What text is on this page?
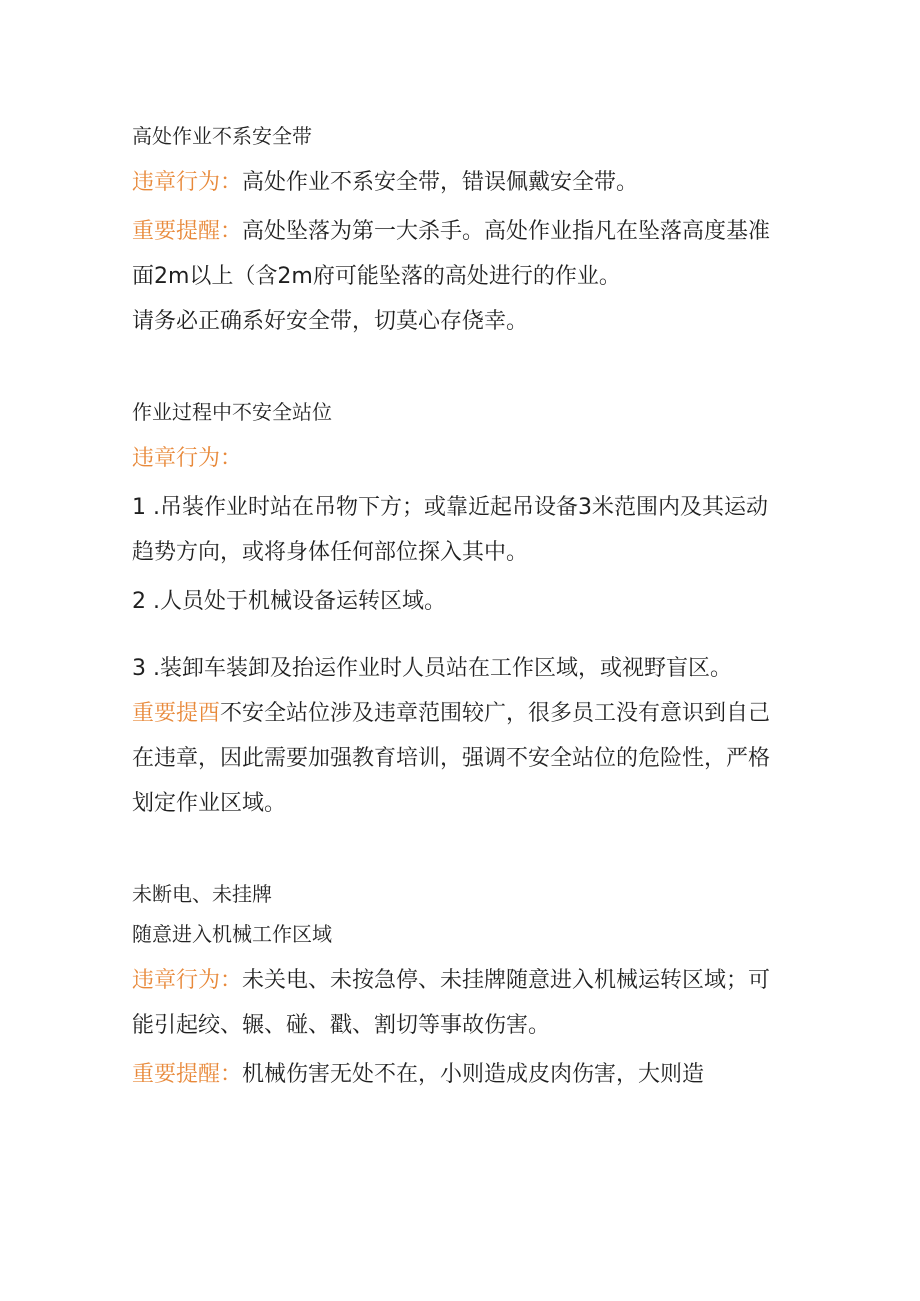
高处作业不系安全带

违章行为：高处作业不系安全带，错误佩戴安全带。

重要提醒：高处坠落为第一大杀手。高处作业指凡在坠落高度基准面2m以上（含2m府可能坠落的高处进行的作业。

请务必正确系好安全带，切莫心存侥幸。

作业过程中不安全站位

违章行为：

1 .吊装作业时站在吊物下方；或靠近起吊设备3米范围内及其运动趋势方向，或将身体任何部位探入其中。

2 .人员处于机械设备运转区域。

3 .装卸车装卸及抬运作业时人员站在工作区域，或视野盲区。

重要提酉不安全站位涉及违章范围较广，很多员工没有意识到自己在违章，因此需要加强教育培训，强调不安全站位的危险性，严格划定作业区域。

未断电、未挂牌

随意进入机械工作区域

违章行为：未关电、未按急停、未挂牌随意进入机械运转区域；可能引起绞、辗、碰、戳、割切等事故伤害。

重要提醒：机械伤害无处不在，小则造成皮肉伤害，大则造
